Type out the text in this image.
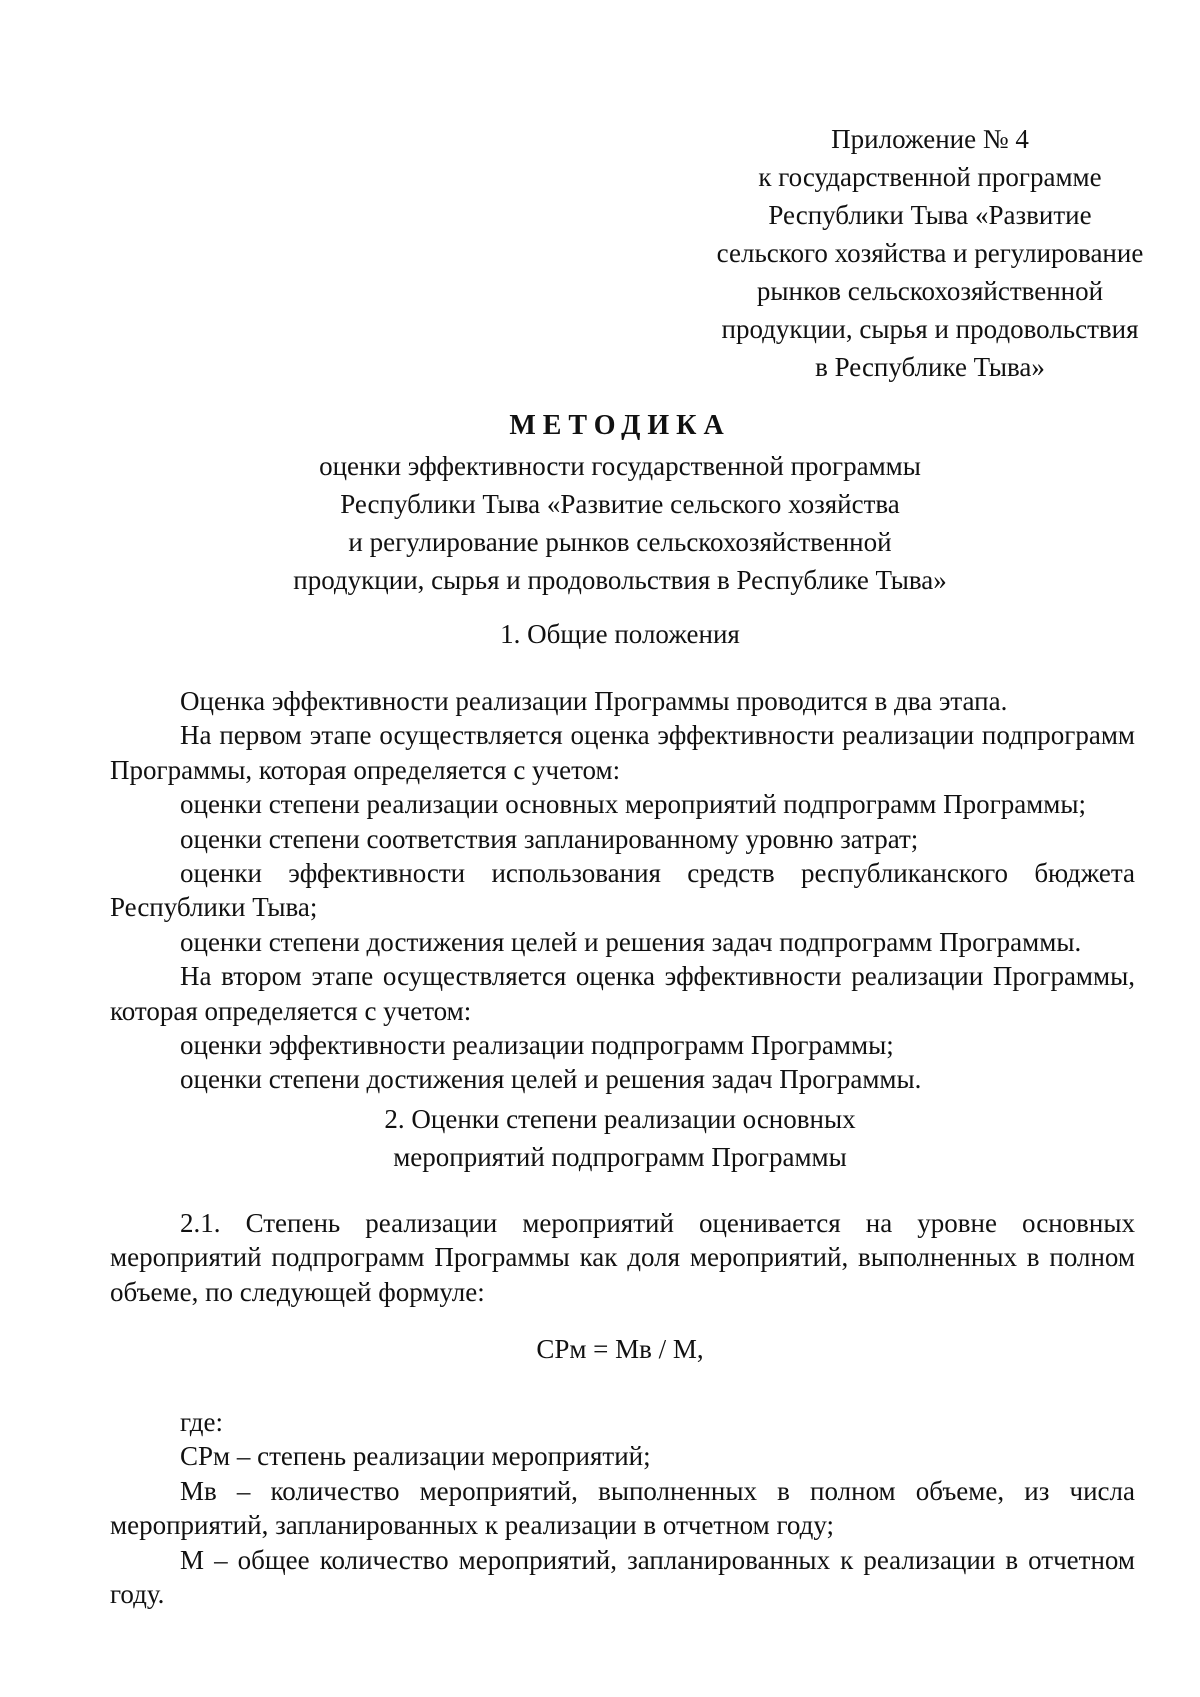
Приложение № 4
к государственной программе
Республики Тыва «Развитие
сельского хозяйства и регулирование
рынков сельскохозяйственной
продукции, сырья и продовольствия
в Республике Тыва»
МЕТОДИКА
оценки эффективности государственной программы
Республики Тыва «Развитие сельского хозяйства
и регулирование рынков сельскохозяйственной
продукции, сырья и продовольствия в Республике Тыва»
1. Общие положения
Оценка эффективности реализации Программы проводится в два этапа.
На первом этапе осуществляется оценка эффективности реализации подпрограмм Программы, которая определяется с учетом:
оценки степени реализации основных мероприятий подпрограмм Программы;
оценки степени соответствия запланированному уровню затрат;
оценки эффективности использования средств республиканского бюджета Республики Тыва;
оценки степени достижения целей и решения задач подпрограмм Программы.
На втором этапе осуществляется оценка эффективности реализации Программы, которая определяется с учетом:
оценки эффективности реализации подпрограмм Программы;
оценки степени достижения целей и решения задач Программы.
2. Оценки степени реализации основных
мероприятий подпрограмм Программы
2.1. Степень реализации мероприятий оценивается на уровне основных мероприятий подпрограмм Программы как доля мероприятий, выполненных в полном объеме, по следующей формуле:
СРм = Мв / М,
где:
СРм – степень реализации мероприятий;
Мв – количество мероприятий, выполненных в полном объеме, из числа мероприятий, запланированных к реализации в отчетном году;
М – общее количество мероприятий, запланированных к реализации в отчетном году.
